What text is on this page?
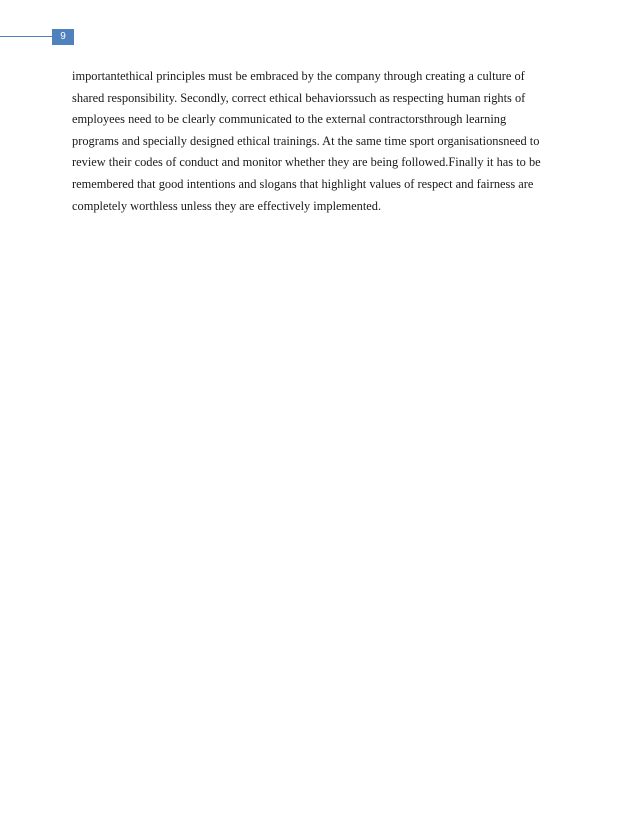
9
importantethical principles must be embraced by the company through creating a culture of
shared responsibility. Secondly, correct ethical behaviorssuch as respecting human rights of
employees need to be clearly communicated to the external contractorsthrough learning
programs and specially designed ethical trainings. At the same time sport organisationsneed to
review their codes of conduct and monitor whether they are being followed.Finally it has to be
remembered that good intentions and slogans that highlight values of respect and fairness are
completely worthless unless they are effectively implemented.
